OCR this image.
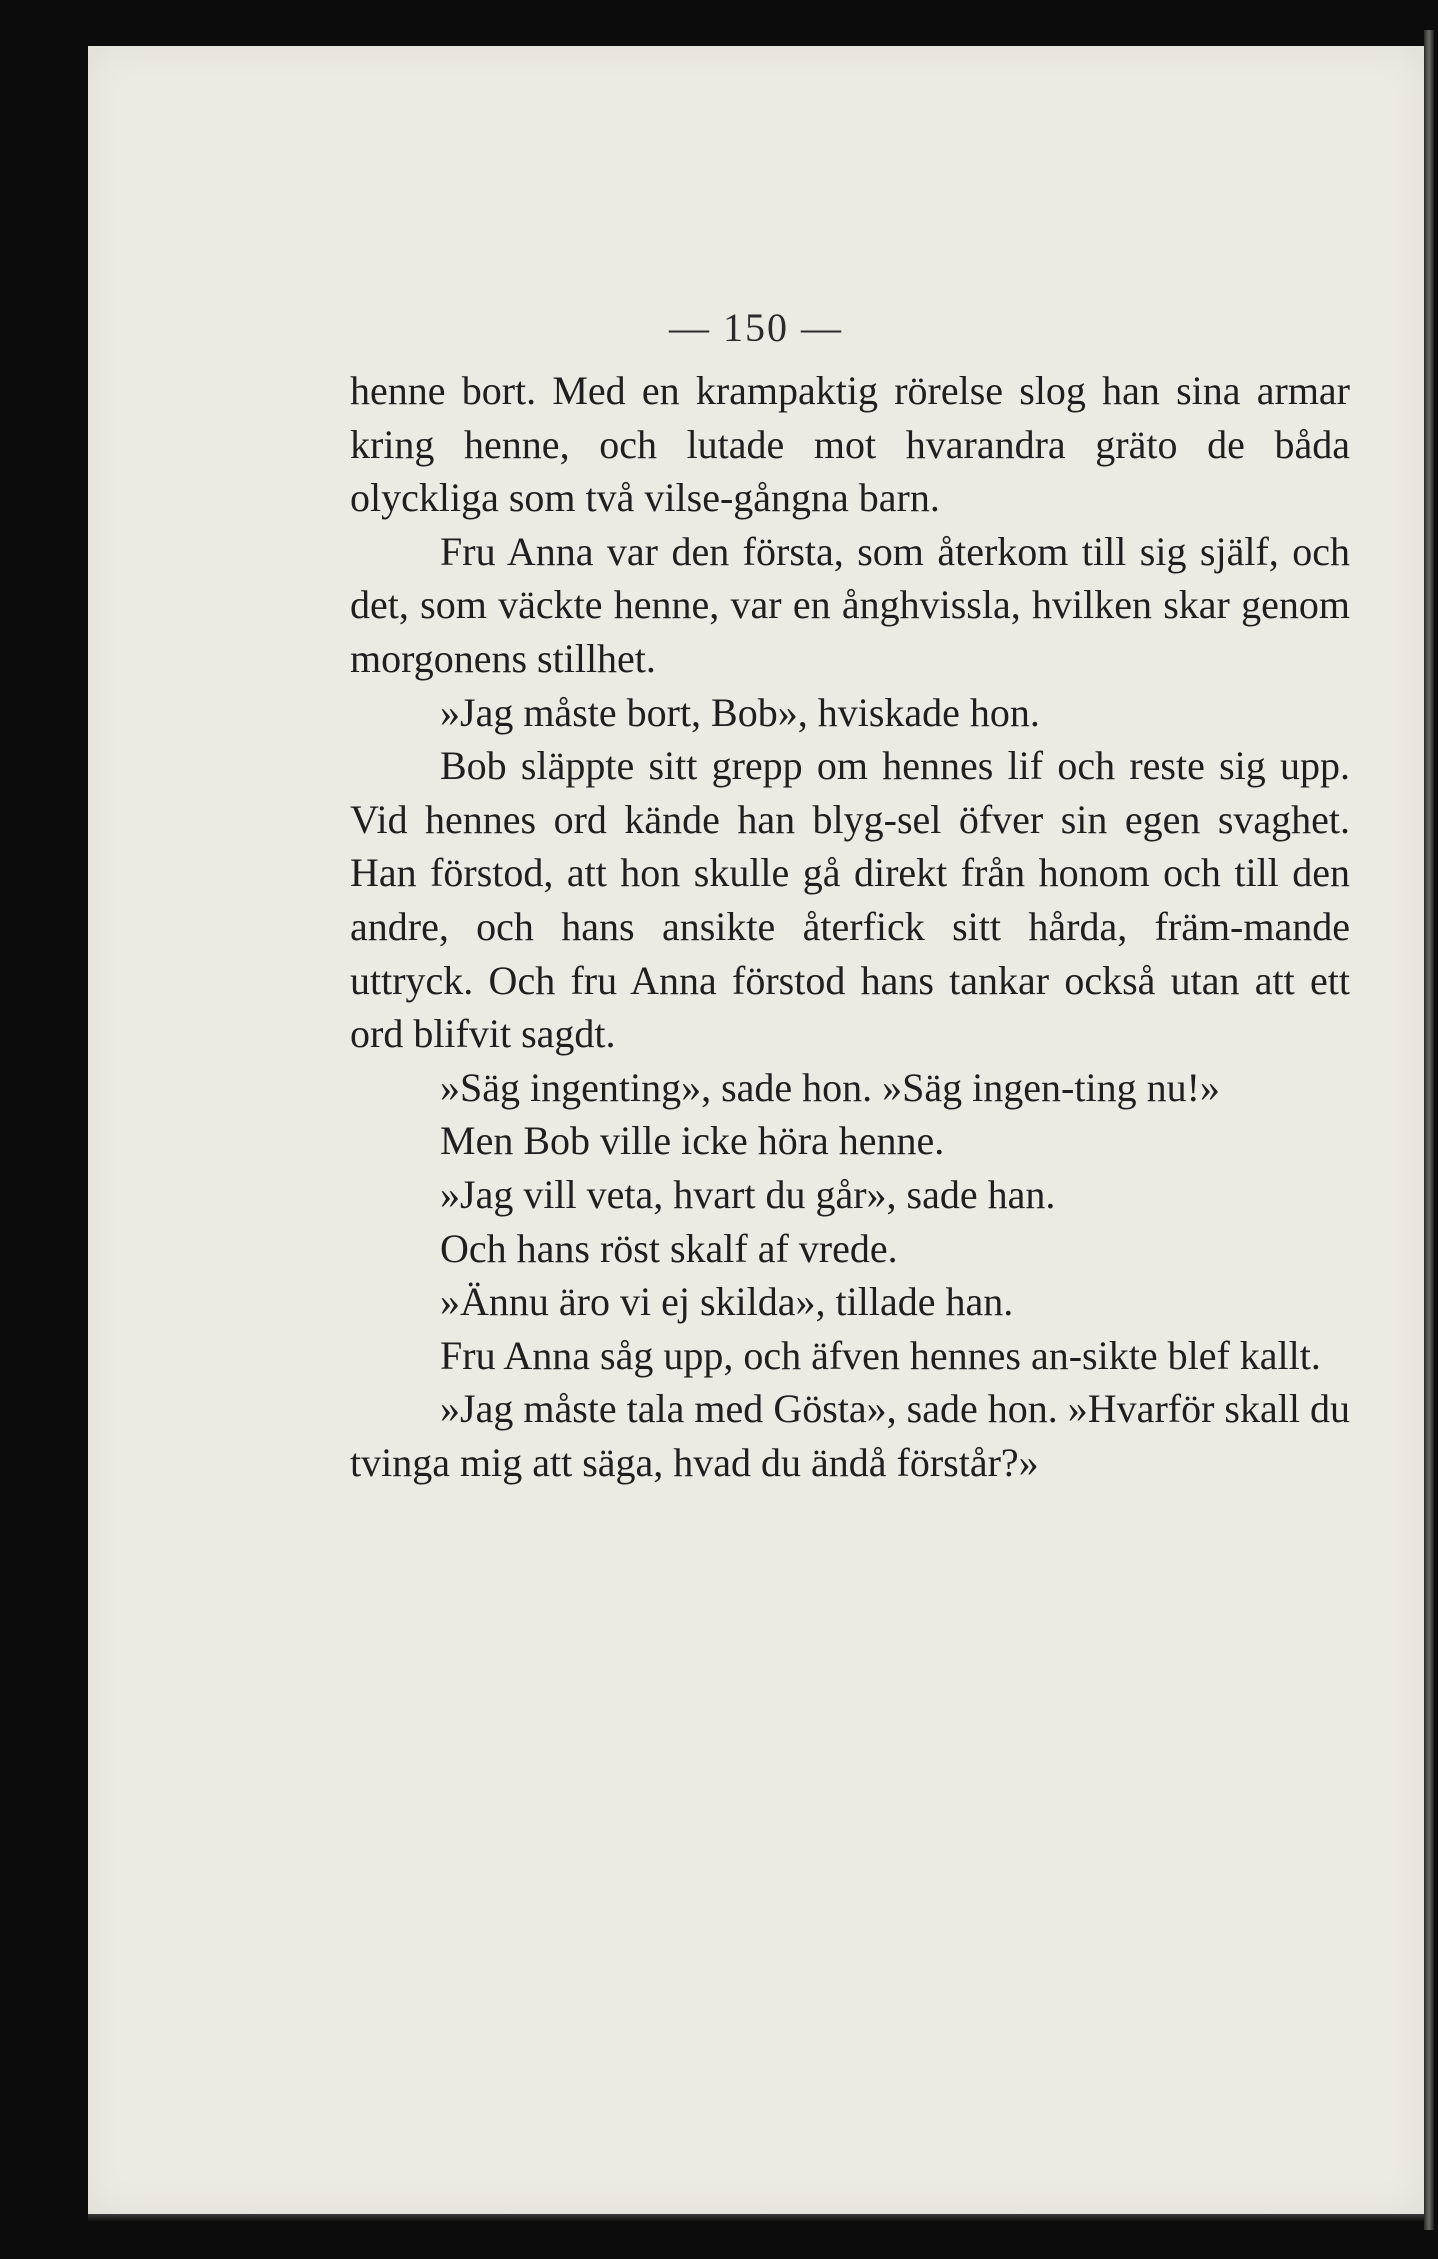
— 150 —

henne bort. Med en krampaktig rörelse slog han sina armar kring henne, och lutade mot hvarandra gräto de båda olyckliga som två vilse-gångna barn.

Fru Anna var den första, som återkom till sig själf, och det, som väckte henne, var en ånghvissla, hvilken skar genom morgonens stillhet.

»Jag måste bort, Bob», hviskade hon.

Bob släppte sitt grepp om hennes lif och reste sig upp. Vid hennes ord kände han blyg-sel öfver sin egen svaghet. Han förstod, att hon skulle gå direkt från honom och till den andre, och hans ansikte återfick sitt hårda, främ-mande uttryck. Och fru Anna förstod hans tankar också utan att ett ord blifvit sagdt.

»Säg ingenting», sade hon. »Säg ingen-ting nu!»

Men Bob ville icke höra henne.

»Jag vill veta, hvart du går», sade han.

Och hans röst skalf af vrede.

»Ännu äro vi ej skilda», tillade han.

Fru Anna såg upp, och äfven hennes an-sikte blef kallt.

»Jag måste tala med Gösta», sade hon. »Hvarför skall du tvinga mig att säga, hvad du ändå förstår?»
